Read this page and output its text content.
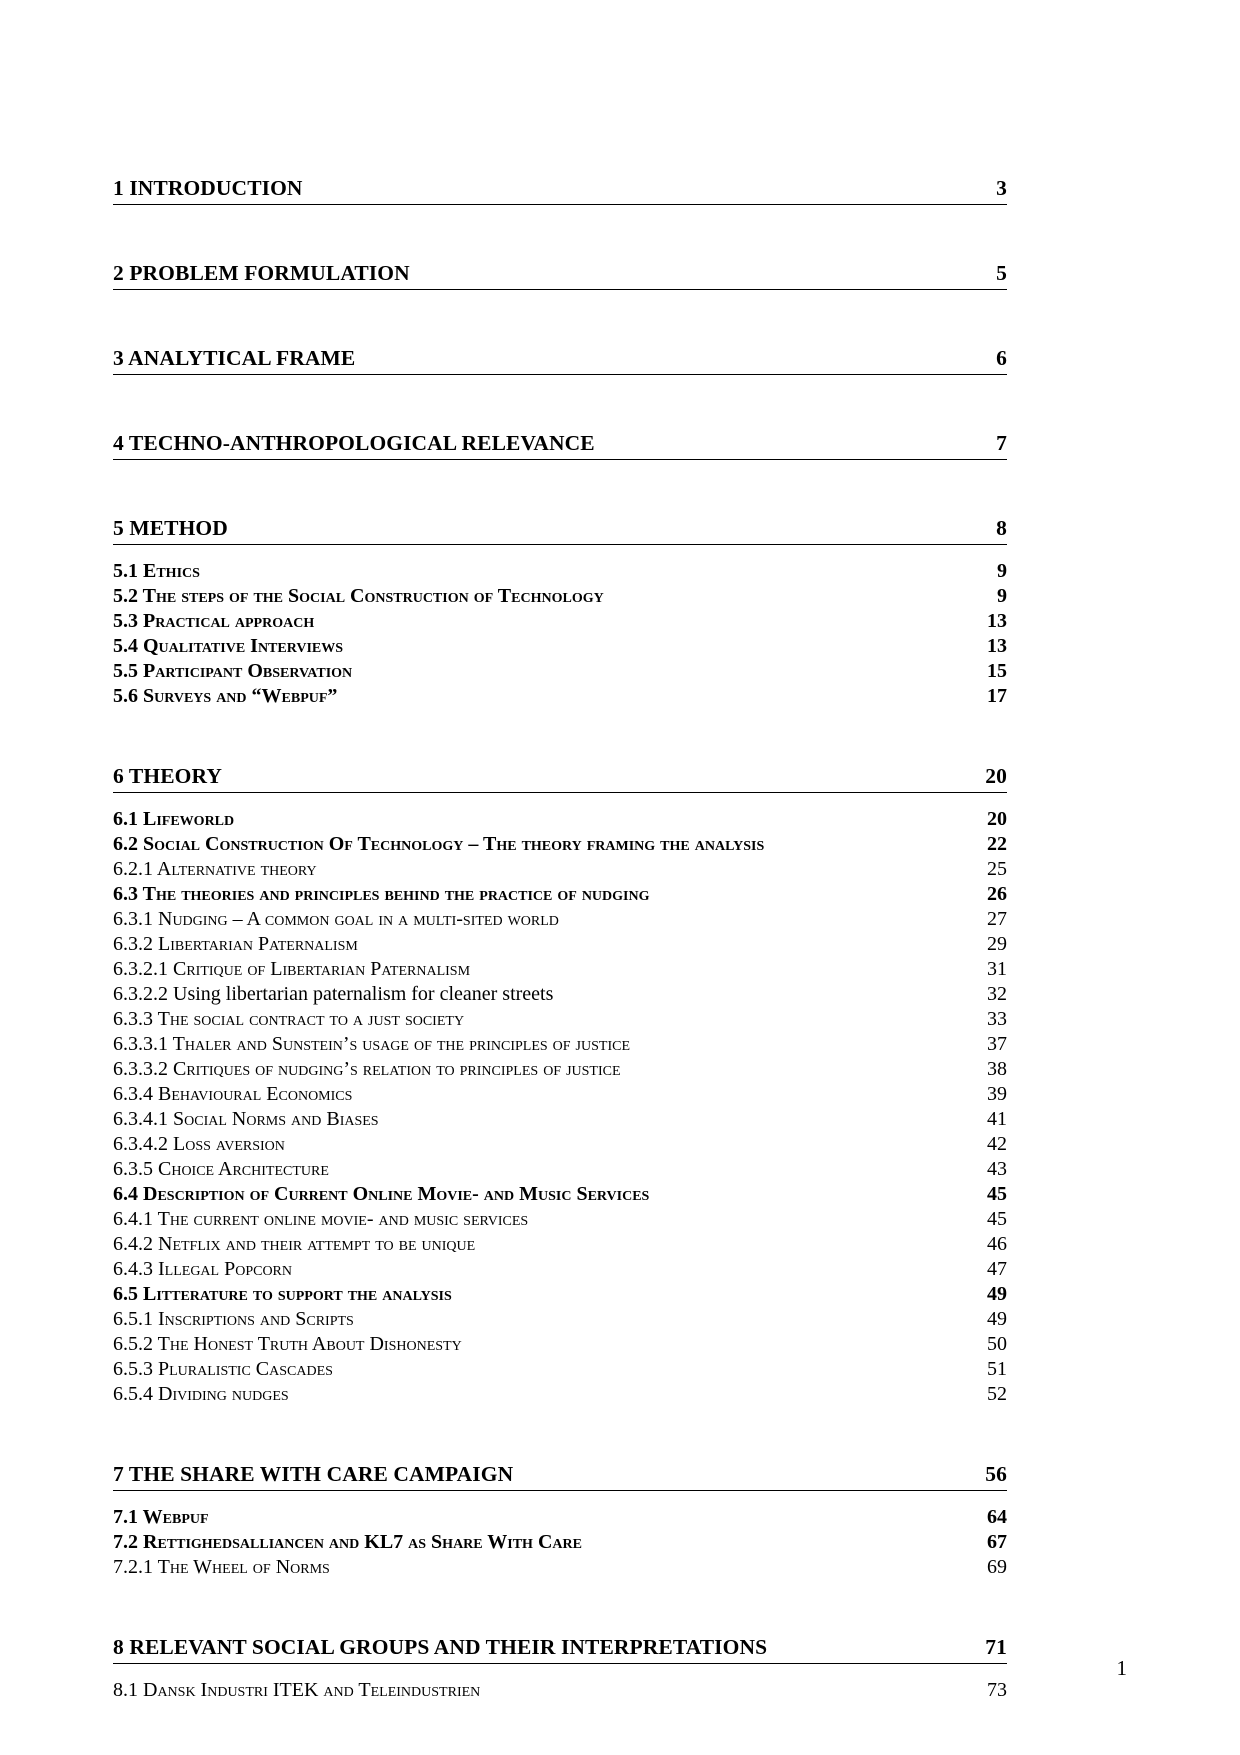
1 INTRODUCTION	3
2 PROBLEM FORMULATION	5
3 ANALYTICAL FRAME	6
4 TECHNO-ANTHROPOLOGICAL RELEVANCE	7
5 METHOD	8
5.1 Ethics	9
5.2 The steps of the Social Construction of Technology	9
5.3 Practical approach	13
5.4 Qualitative Interviews	13
5.5 Participant Observation	15
5.6 Surveys and “Webpuf”	17
6 THEORY	20
6.1 Lifeworld	20
6.2 Social Construction Of Technology – The theory framing the analysis	22
6.2.1 Alternative theory	25
6.3 The theories and principles behind the practice of nudging	26
6.3.1 Nudging – A common goal in a multi-sited world	27
6.3.2 Libertarian Paternalism	29
6.3.2.1 Critique of Libertarian Paternalism	31
6.3.2.2 Using libertarian paternalism for cleaner streets	32
6.3.3 The social contract to a just society	33
6.3.3.1 Thaler and Sunstein’s usage of the principles of justice	37
6.3.3.2 Critiques of nudging’s relation to principles of justice	38
6.3.4 Behavioural Economics	39
6.3.4.1 Social Norms and Biases	41
6.3.4.2 Loss aversion	42
6.3.5 Choice Architecture	43
6.4 Description of Current Online Movie- and Music Services	45
6.4.1 The current online movie- and music services	45
6.4.2 Netflix and their attempt to be unique	46
6.4.3 Illegal Popcorn	47
6.5 Litterature to support the analysis	49
6.5.1 Inscriptions and Scripts	49
6.5.2 The Honest Truth About Dishonesty	50
6.5.3 Pluralistic Cascades	51
6.5.4 Dividing nudges	52
7 THE SHARE WITH CARE CAMPAIGN	56
7.1 Webpuf	64
7.2 Rettighedsalliancen and KL7 as Share With Care	67
7.2.1 The Wheel of Norms	69
8 RELEVANT SOCIAL GROUPS AND THEIR INTERPRETATIONS	71
8.1 Dansk Industri ITEK and Teleindustrien	73
1
